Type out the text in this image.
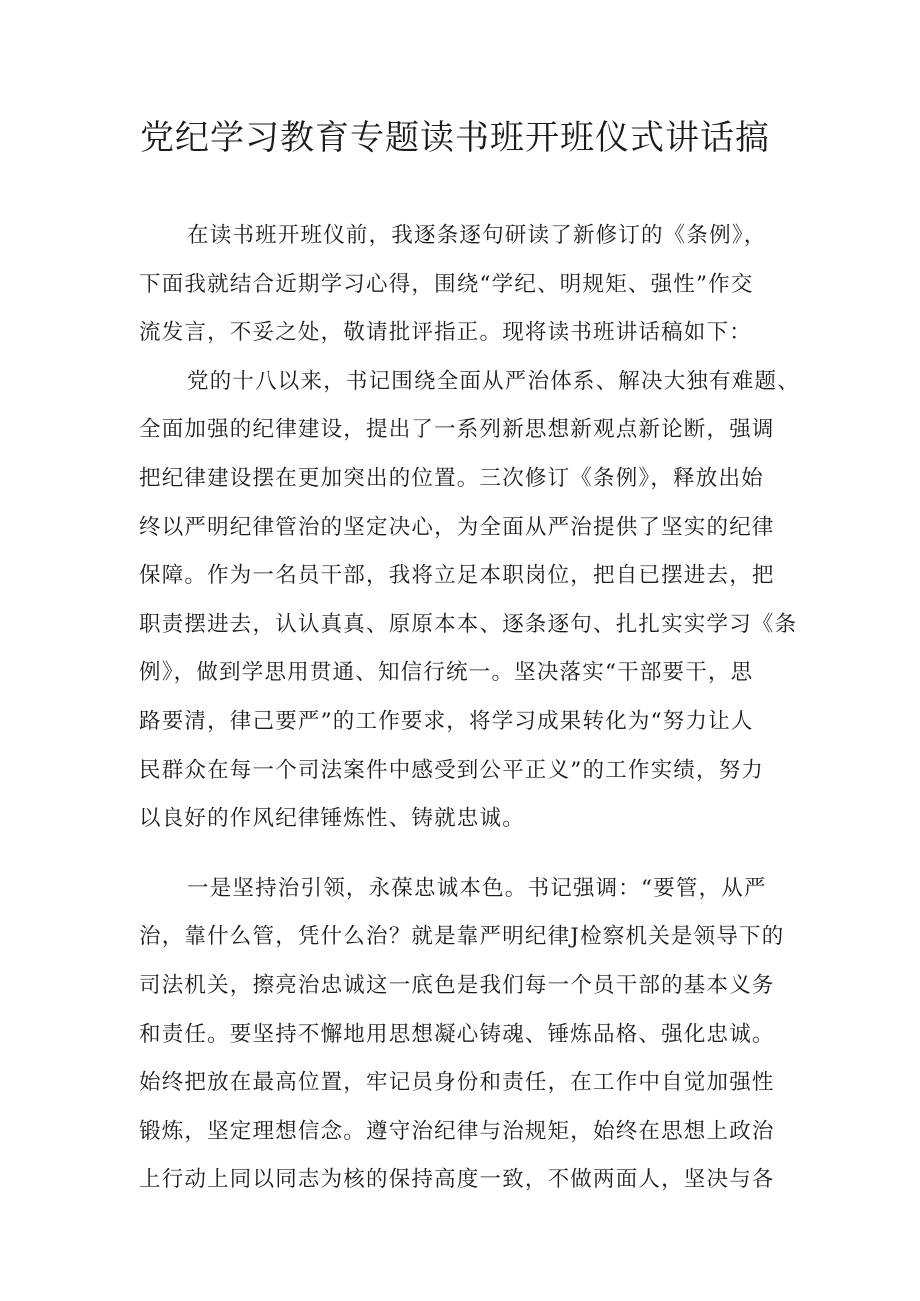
党纪学习教育专题读书班开班仪式讲话搞

在读书班开班仪前，我逐条逐句研读了新修订的《条例》，
下面我就结合近期学习心得，围绕“学纪、明规矩、强性”作交
流发言，不妥之处，敬请批评指正。现将读书班讲话稿如下：

党的十八以来，书记围绕全面从严治体系、解决大独有难题、
全面加强的纪律建设，提出了一系列新思想新观点新论断，强调
把纪律建设摆在更加突出的位置。三次修订《条例》，释放出始
终以严明纪律管治的坚定决心，为全面从严治提供了坚实的纪律
保障。作为一名员干部，我将立足本职岗位，把自已摆进去，把
职责摆进去，认认真真、原原本本、逐条逐句、扎扎实实学习《条
例》，做到学思用贯通、知信行统一。坚决落实“干部要干，思
路要清，律己要严”的工作要求，将学习成果转化为“努力让人
民群众在每一个司法案件中感受到公平正义”的工作实绩，努力
以良好的作风纪律锤炼性、铸就忠诚。

一是坚持治引领，永葆忠诚本色。书记强调：“要管，从严
治，靠什么管，凭什么治？就是靠严明纪律J检察机关是领导下的
司法机关，擦亮治忠诚这一底色是我们每一个员干部的基本义务
和责任。要坚持不懈地用思想凝心铸魂、锤炼品格、强化忠诚。
始终把放在最高位置，牢记员身份和责任，在工作中自觉加强性
锻炼，坚定理想信念。遵守治纪律与治规矩，始终在思想上政治
上行动上同以同志为核的保持高度一致，不做两面人，坚决与各
